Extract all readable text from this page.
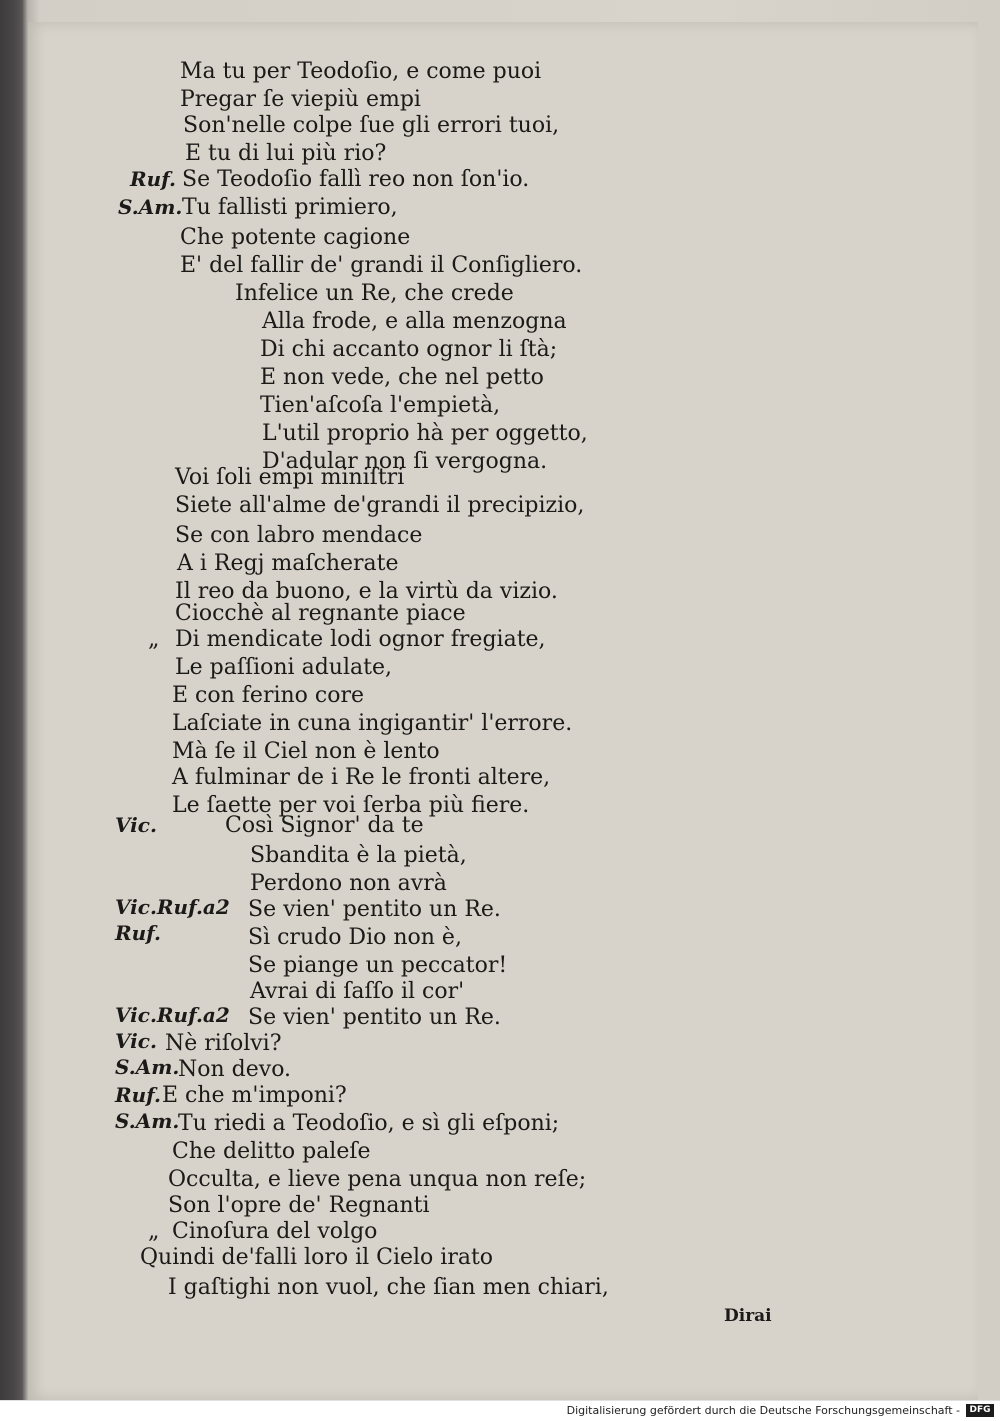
Ruf.
S.Am.
Vic.
Vic.Ruf.a2
Ruf.
Vic.Ruf.a2
Vic.
S.Am.
Ruf.
S.Am.
„
„
Ma tu per Teodoſio, e come puoi
Pregar ſe viepiù empi
Son'nelle colpe ſue gli errori tuoi,
E tu di lui più rio?
Se Teodoſio fallì reo non ſon'io.
Tu fallisti primiero,
Che potente cagione
E' del fallir de' grandi il Conſigliero.
Infelice un Re, che crede
Alla frode, e alla menzogna
Di chi accanto ognor li ſtà;
E non vede, che nel petto
Tien'aſcoſa l'empietà,
L'util proprio hà per oggetto,
D'adular non ſi vergogna.
Voi ſoli empi miniſtri
Siete all'alme de'grandi il precipizio,
Se con labro mendace
A i Regj maſcherate
Il reo da buono, e la virtù da vizio.
Ciocchè al regnante piace
Di mendicate lodi ognor fregiate,
Le paſſioni adulate,
E con ferino core
Laſciate in cuna ingigantir' l'errore.
Mà ſe il Ciel non è lento
A fulminar de i Re le fronti altere,
Le ſaette per voi ſerba più fiere.
Così Signor' da te
Sbandita è la pietà,
Perdono non avrà
Se vien' pentito un Re.
Sì crudo Dio non è,
Se piange un peccator!
Avrai di ſaſſo il cor'
Se vien' pentito un Re.
Nè riſolvi?
Non devo.
E che m'imponi?
Tu riedi a Teodoſio, e sì gli eſponi;
Che delitto paleſe
Occulta, e lieve pena unqua non reſe;
Son l'opre de' Regnanti
Cinoſura del volgo
Quindi de'falli loro il Cielo irato
I gaſtighi non vuol, che ſian men chiari,
Dirai
Digitalisierung gefördert durch die Deutsche Forschungsgemeinschaft -	DFG
